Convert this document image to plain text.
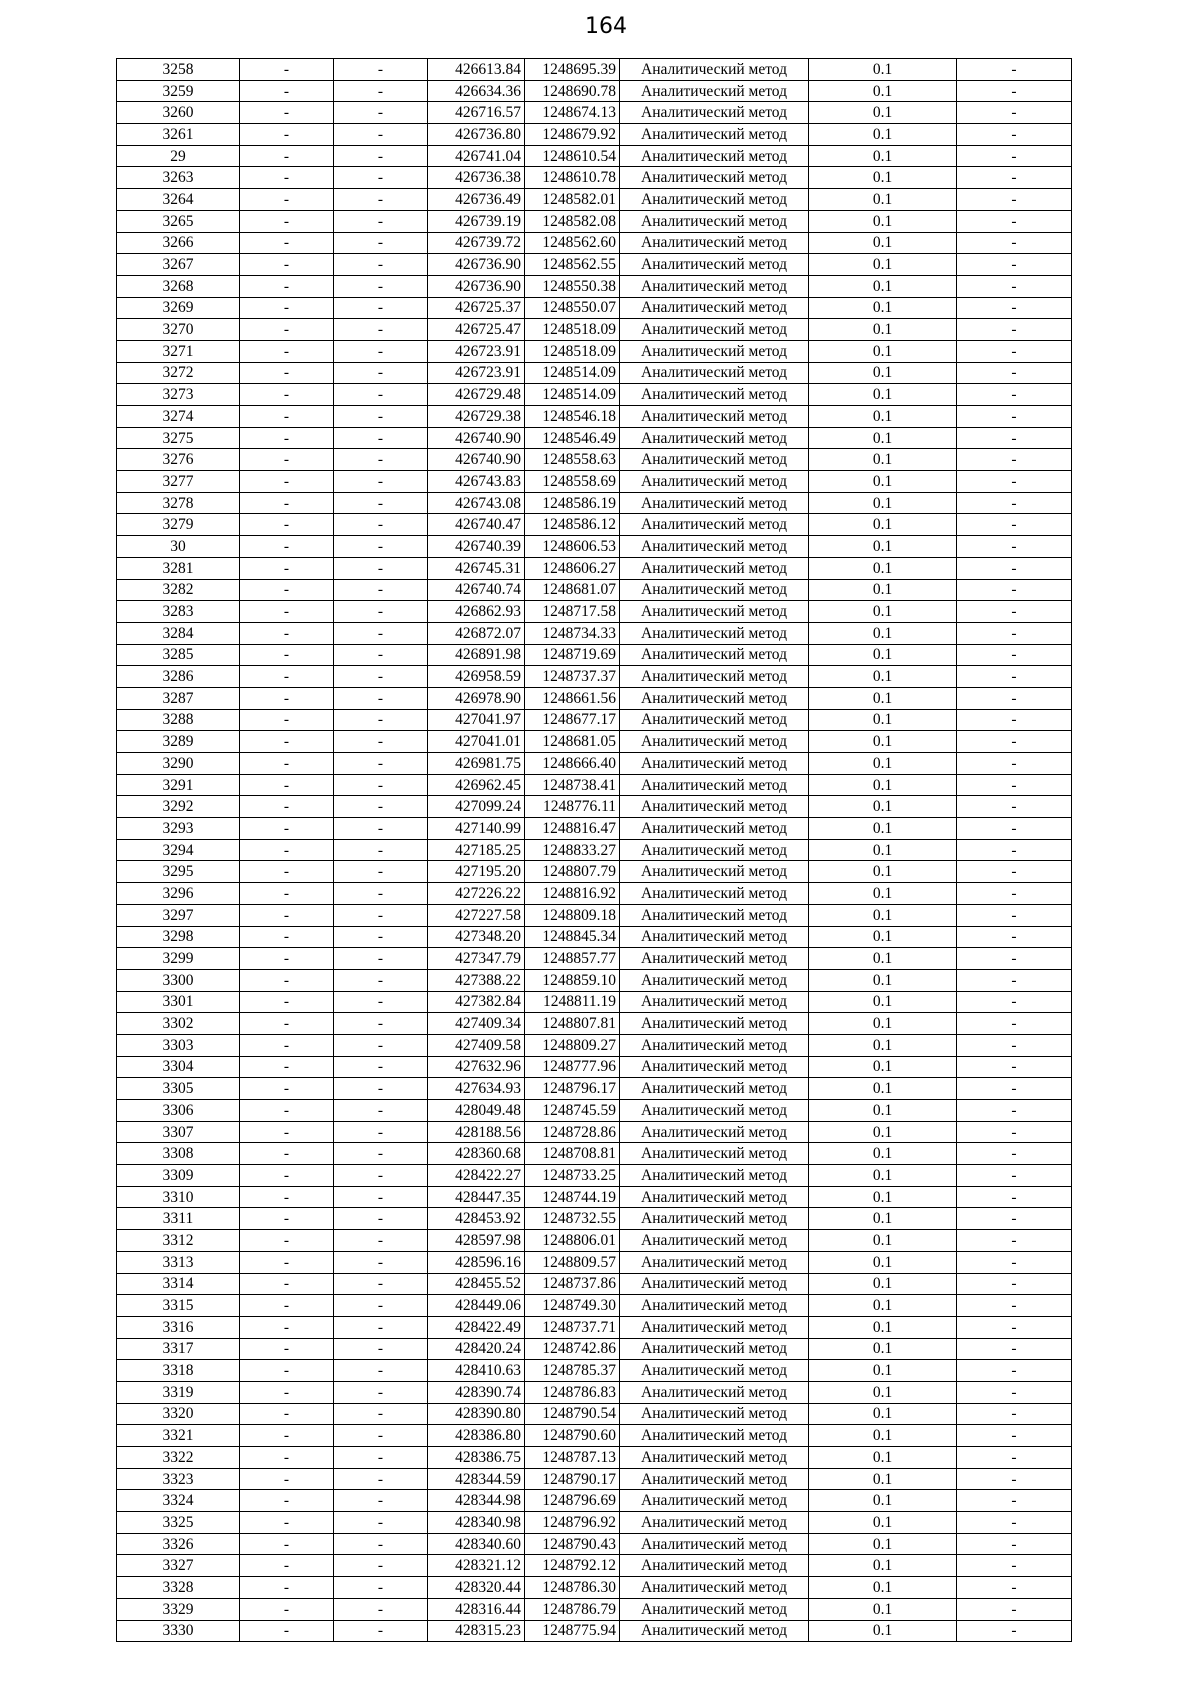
164
3258	-	-	426613.84	1248695.39	Аналитический метод	0.1	-
3259	-	-	426634.36	1248690.78	Аналитический метод	0.1	-
3260	-	-	426716.57	1248674.13	Аналитический метод	0.1	-
3261	-	-	426736.80	1248679.92	Аналитический метод	0.1	-
29	-	-	426741.04	1248610.54	Аналитический метод	0.1	-
3263	-	-	426736.38	1248610.78	Аналитический метод	0.1	-
3264	-	-	426736.49	1248582.01	Аналитический метод	0.1	-
3265	-	-	426739.19	1248582.08	Аналитический метод	0.1	-
3266	-	-	426739.72	1248562.60	Аналитический метод	0.1	-
3267	-	-	426736.90	1248562.55	Аналитический метод	0.1	-
3268	-	-	426736.90	1248550.38	Аналитический метод	0.1	-
3269	-	-	426725.37	1248550.07	Аналитический метод	0.1	-
3270	-	-	426725.47	1248518.09	Аналитический метод	0.1	-
3271	-	-	426723.91	1248518.09	Аналитический метод	0.1	-
3272	-	-	426723.91	1248514.09	Аналитический метод	0.1	-
3273	-	-	426729.48	1248514.09	Аналитический метод	0.1	-
3274	-	-	426729.38	1248546.18	Аналитический метод	0.1	-
3275	-	-	426740.90	1248546.49	Аналитический метод	0.1	-
3276	-	-	426740.90	1248558.63	Аналитический метод	0.1	-
3277	-	-	426743.83	1248558.69	Аналитический метод	0.1	-
3278	-	-	426743.08	1248586.19	Аналитический метод	0.1	-
3279	-	-	426740.47	1248586.12	Аналитический метод	0.1	-
30	-	-	426740.39	1248606.53	Аналитический метод	0.1	-
3281	-	-	426745.31	1248606.27	Аналитический метод	0.1	-
3282	-	-	426740.74	1248681.07	Аналитический метод	0.1	-
3283	-	-	426862.93	1248717.58	Аналитический метод	0.1	-
3284	-	-	426872.07	1248734.33	Аналитический метод	0.1	-
3285	-	-	426891.98	1248719.69	Аналитический метод	0.1	-
3286	-	-	426958.59	1248737.37	Аналитический метод	0.1	-
3287	-	-	426978.90	1248661.56	Аналитический метод	0.1	-
3288	-	-	427041.97	1248677.17	Аналитический метод	0.1	-
3289	-	-	427041.01	1248681.05	Аналитический метод	0.1	-
3290	-	-	426981.75	1248666.40	Аналитический метод	0.1	-
3291	-	-	426962.45	1248738.41	Аналитический метод	0.1	-
3292	-	-	427099.24	1248776.11	Аналитический метод	0.1	-
3293	-	-	427140.99	1248816.47	Аналитический метод	0.1	-
3294	-	-	427185.25	1248833.27	Аналитический метод	0.1	-
3295	-	-	427195.20	1248807.79	Аналитический метод	0.1	-
3296	-	-	427226.22	1248816.92	Аналитический метод	0.1	-
3297	-	-	427227.58	1248809.18	Аналитический метод	0.1	-
3298	-	-	427348.20	1248845.34	Аналитический метод	0.1	-
3299	-	-	427347.79	1248857.77	Аналитический метод	0.1	-
3300	-	-	427388.22	1248859.10	Аналитический метод	0.1	-
3301	-	-	427382.84	1248811.19	Аналитический метод	0.1	-
3302	-	-	427409.34	1248807.81	Аналитический метод	0.1	-
3303	-	-	427409.58	1248809.27	Аналитический метод	0.1	-
3304	-	-	427632.96	1248777.96	Аналитический метод	0.1	-
3305	-	-	427634.93	1248796.17	Аналитический метод	0.1	-
3306	-	-	428049.48	1248745.59	Аналитический метод	0.1	-
3307	-	-	428188.56	1248728.86	Аналитический метод	0.1	-
3308	-	-	428360.68	1248708.81	Аналитический метод	0.1	-
3309	-	-	428422.27	1248733.25	Аналитический метод	0.1	-
3310	-	-	428447.35	1248744.19	Аналитический метод	0.1	-
3311	-	-	428453.92	1248732.55	Аналитический метод	0.1	-
3312	-	-	428597.98	1248806.01	Аналитический метод	0.1	-
3313	-	-	428596.16	1248809.57	Аналитический метод	0.1	-
3314	-	-	428455.52	1248737.86	Аналитический метод	0.1	-
3315	-	-	428449.06	1248749.30	Аналитический метод	0.1	-
3316	-	-	428422.49	1248737.71	Аналитический метод	0.1	-
3317	-	-	428420.24	1248742.86	Аналитический метод	0.1	-
3318	-	-	428410.63	1248785.37	Аналитический метод	0.1	-
3319	-	-	428390.74	1248786.83	Аналитический метод	0.1	-
3320	-	-	428390.80	1248790.54	Аналитический метод	0.1	-
3321	-	-	428386.80	1248790.60	Аналитический метод	0.1	-
3322	-	-	428386.75	1248787.13	Аналитический метод	0.1	-
3323	-	-	428344.59	1248790.17	Аналитический метод	0.1	-
3324	-	-	428344.98	1248796.69	Аналитический метод	0.1	-
3325	-	-	428340.98	1248796.92	Аналитический метод	0.1	-
3326	-	-	428340.60	1248790.43	Аналитический метод	0.1	-
3327	-	-	428321.12	1248792.12	Аналитический метод	0.1	-
3328	-	-	428320.44	1248786.30	Аналитический метод	0.1	-
3329	-	-	428316.44	1248786.79	Аналитический метод	0.1	-
3330	-	-	428315.23	1248775.94	Аналитический метод	0.1	-
